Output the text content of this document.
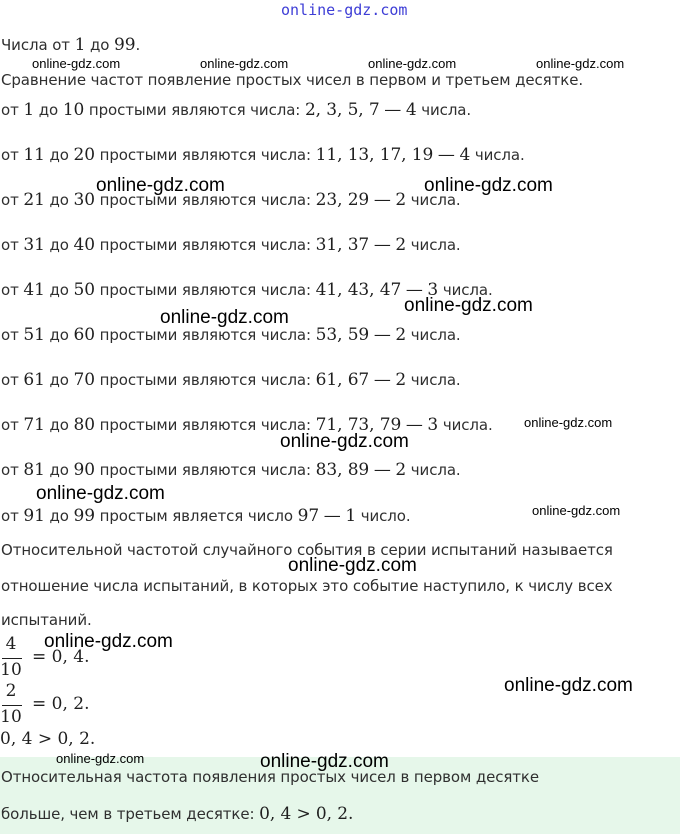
online-gdz.com
Числа от 1 до 99.
online-gdz.com	online-gdz.com	online-gdz.com	online-gdz.com
Сравнение частот появление простых чисел в первом и третьем десятке.
от 1 до 10 простыми являются числа: 2, 3, 5, 7 — 4 числа.
от 11 до 20 простыми являются числа: 11, 13, 17, 19 — 4 числа.
от 21 до 30 простыми являются числа: 23, 29 — 2 числа.
от 31 до 40 простыми являются числа: 31, 37 — 2 числа.
от 41 до 50 простыми являются числа: 41, 43, 47 — 3 числа.
от 51 до 60 простыми являются числа: 53, 59 — 2 числа.
от 61 до 70 простыми являются числа: 61, 67 — 2 числа.
от 71 до 80 простыми являются числа: 71, 73, 79 — 3 числа.
от 81 до 90 простыми являются числа: 83, 89 — 2 числа.
от 91 до 99 простым является число 97 — 1 число.
Относительной частотой случайного события в серии испытаний называется
отношение числа испытаний, в которых это событие наступило, к числу всех
испытаний.
4
10
= 0, 4.
2
10
= 0, 2.
0, 4 > 0, 2.
Относительная частота появления простых чисел в первом десятке
больше, чем в третьем десятке: 0, 4 > 0, 2.
online-gdz.com	online-gdz.com
online-gdz.com
online-gdz.com
online-gdz.com
online-gdz.com
online-gdz.com
online-gdz.com
online-gdz.com
online-gdz.com
online-gdz.com
online-gdz.com
online-gdz.com
